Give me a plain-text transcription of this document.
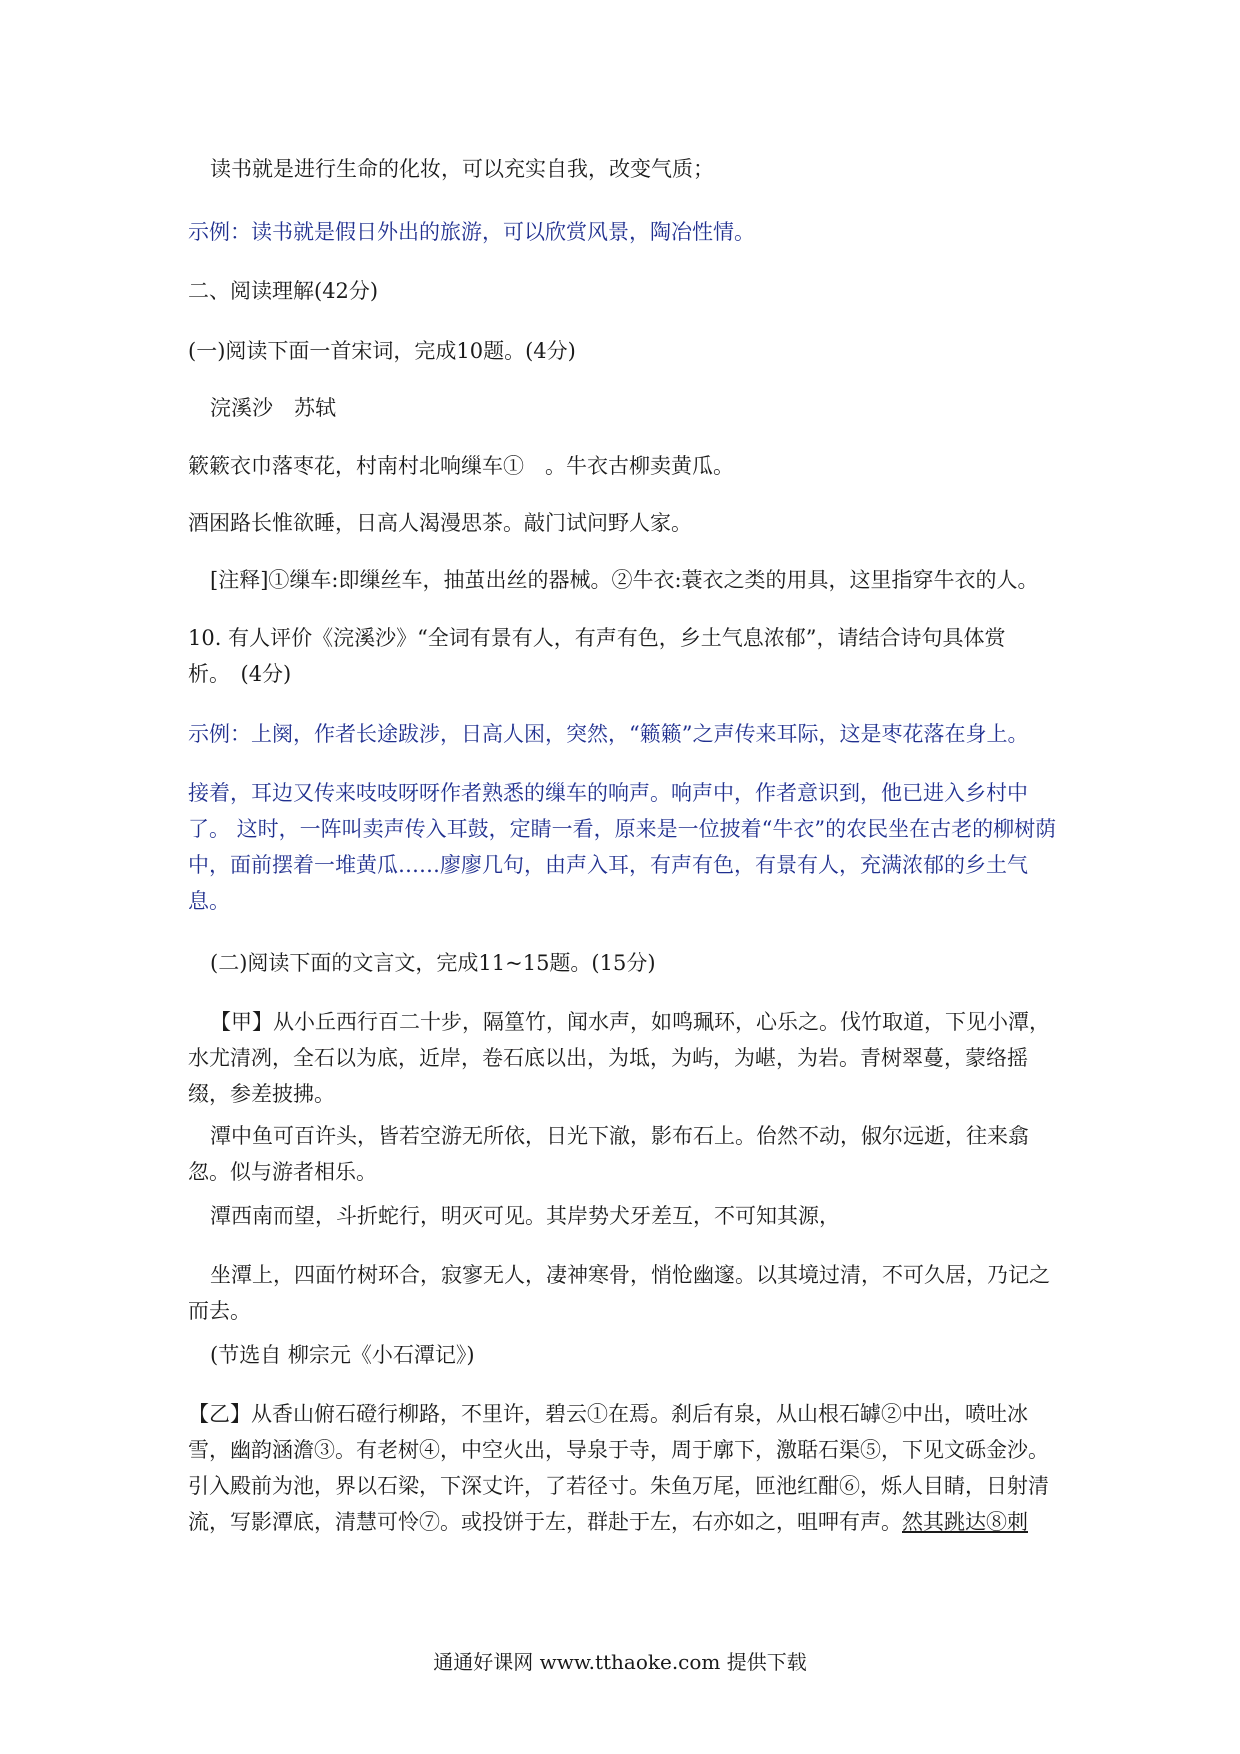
读书就是进行生命的化妆，可以充实自我，改变气质；
示例：读书就是假日外出的旅游，可以欣赏风景，陶冶性情。
二、阅读理解(42分)
(一)阅读下面一首宋词，完成10题。(4分)
浣溪沙　苏轼
簌簌衣巾落枣花，村南村北响缫车①　。牛衣古柳卖黄瓜。
酒困路长惟欲睡，日高人渴漫思茶。敲门试问野人家。
[注释]①缫车:即缫丝车，抽茧出丝的器械。②牛衣:蓑衣之类的用具，这里指穿牛衣的人。
10. 有人评价《浣溪沙》“全词有景有人，有声有色，乡土气息浓郁”，请结合诗句具体赏
析。　(4分)
示例：上阕，作者长途跋涉，日高人困，突然，“籁籁”之声传来耳际，这是枣花落在身上。
接着，耳边又传来吱吱呀呀作者熟悉的缫车的响声。响声中，作者意识到，他已进入乡村中了。 这时，一阵叫卖声传入耳鼓，定睛一看，原来是一位披着“牛衣”的农民坐在古老的柳树荫中，面前摆着一堆黄瓜……廖廖几句，由声入耳，有声有色，有景有人，充满浓郁的乡土气息。
(二)阅读下面的文言文，完成11~15题。(15分)
【甲】从小丘西行百二十步，隔篁竹，闻水声，如鸣珮环，心乐之。伐竹取道，下见小潭，水尤清冽，全石以为底，近岸，卷石底以出，为坻，为屿，为嵁，为岩。青树翠蔓，蒙络摇缀，参差披拂。
潭中鱼可百许头，皆若空游无所依，日光下澈，影布石上。佁然不动，俶尔远逝，往来翕忽。似与游者相乐。
潭西南而望，斗折蛇行，明灭可见。其岸势犬牙差互，不可知其源，
坐潭上，四面竹树环合，寂寥无人，凄神寒骨，悄怆幽邃。以其境过清，不可久居，乃记之而去。
(节选自 柳宗元《小石潭记》)
【乙】从香山俯石磴行柳路，不里许，碧云①在焉。刹后有泉，从山根石罅②中出，喷吐冰雪，幽韵涵澹③。有老树④，中空火出，导泉于寺，周于廓下，激聒石渠⑤，下见文砾金沙。引入殿前为池，界以石梁，下深丈许，了若径寸。朱鱼万尾，匝池红酣⑥，烁人目睛，日射清流，写影潭底，清慧可怜⑦。或投饼于左，群赴于左，右亦如之，咀呷有声。然其跳达⑧刺
通通好课网 www.tthaoke.com 提供下载
